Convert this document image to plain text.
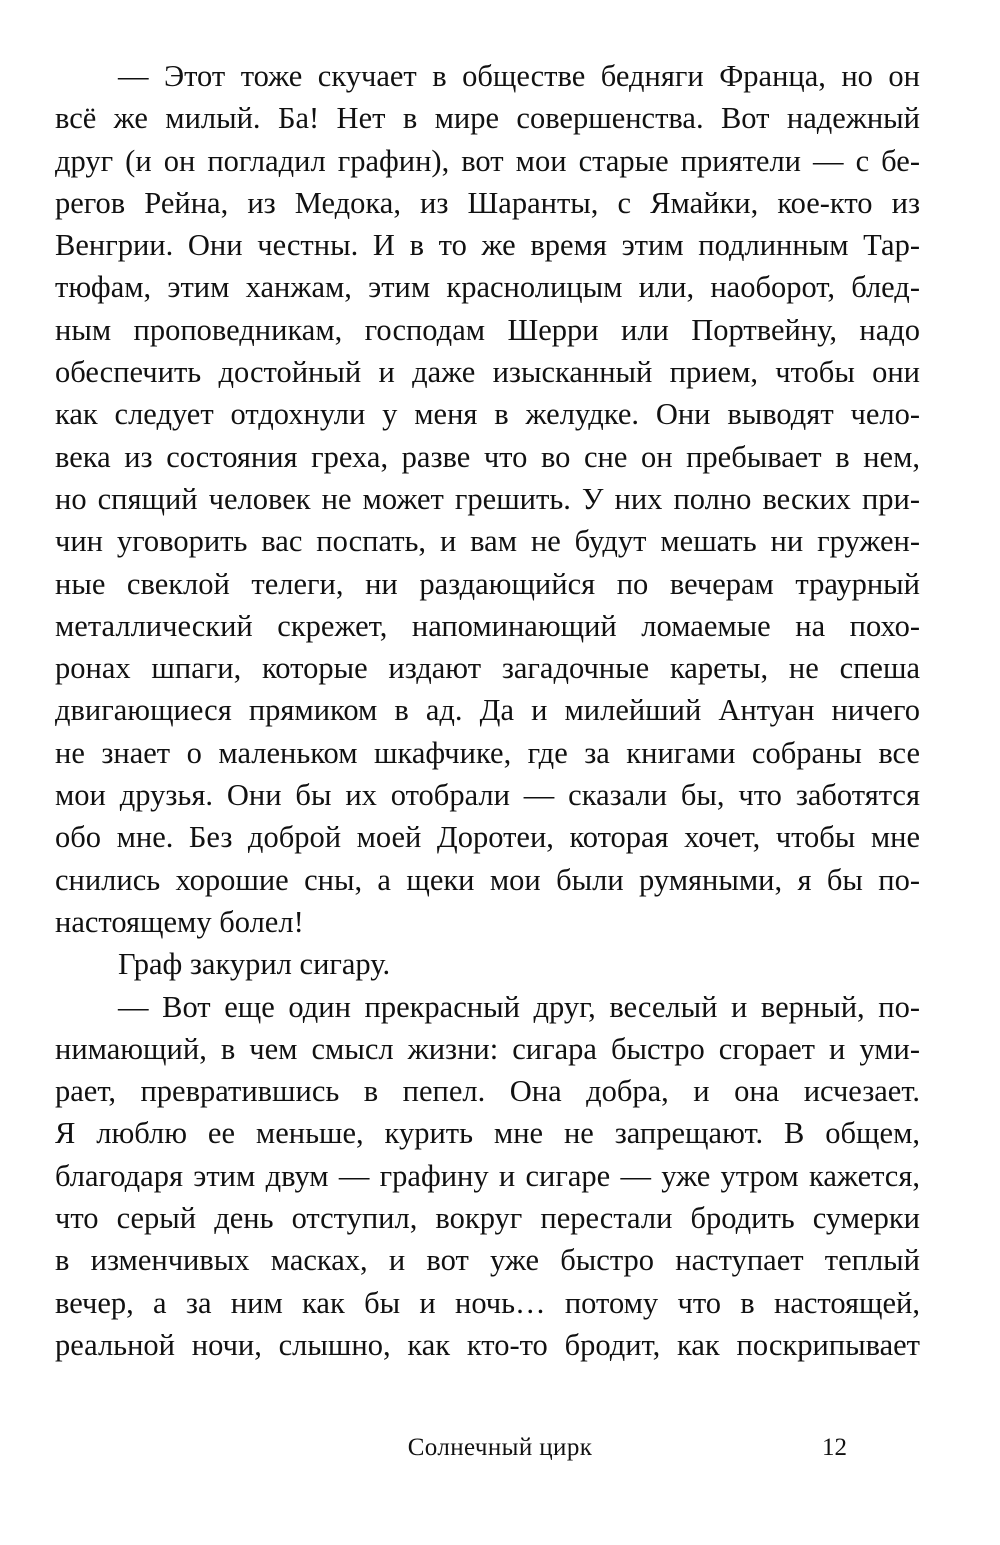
— Этот тоже скучает в обществе бедняги Франца, но он
всё же милый. Ба! Нет в мире совершенства. Вот надежный
друг (и он погладил графин), вот мои старые приятели — с бе-
регов Рейна, из Медока, из Шаранты, с Ямайки, кое-кто из
Венгрии. Они честны. И в то же время этим подлинным Тар-
тюфам, этим ханжам, этим краснолицым или, наоборот, блед-
ным проповедникам, господам Шерри или Портвейну, надо
обеспечить достойный и даже изысканный прием, чтобы они
как следует отдохнули у меня в желудке. Они выводят чело-
века из состояния греха, разве что во сне он пребывает в нем,
но спящий человек не может грешить. У них полно веских при-
чин уговорить вас поспать, и вам не будут мешать ни гружен-
ные свеклой телеги, ни раздающийся по вечерам траурный
металлический скрежет, напоминающий ломаемые на похо-
ронах шпаги, которые издают загадочные кареты, не спеша
двигающиеся прямиком в ад. Да и милейший Антуан ничего
не знает о маленьком шкафчике, где за книгами собраны все
мои друзья. Они бы их отобрали — сказали бы, что заботятся
обо мне. Без доброй моей Доротеи, которая хочет, чтобы мне
снились хорошие сны, а щеки мои были румяными, я бы по-
настоящему болел!
Граф закурил сигару.
— Вот еще один прекрасный друг, веселый и верный, по-
нимающий, в чем смысл жизни: сигара быстро сгорает и уми-
рает, превратившись в пепел. Она добра, и она исчезает.
Я люблю ее меньше, курить мне не запрещают. В общем,
благодаря этим двум — графину и сигаре — уже утром кажется,
что серый день отступил, вокруг перестали бродить сумерки
в изменчивых масках, и вот уже быстро наступает теплый
вечер, а за ним как бы и ночь… потому что в настоящей,
реальной ночи, слышно, как кто-то бродит, как поскрипывает
Солнечный цирк	12
